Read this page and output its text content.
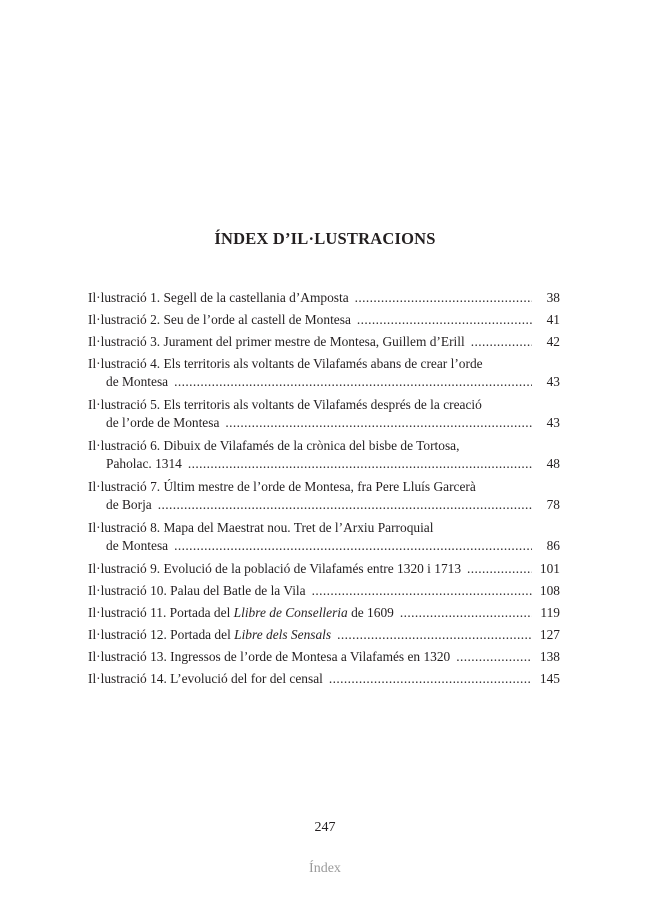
ÍNDEX D’IL·LUSTRACIONS
Il·lustració 1. Segell de la castellania d’Amposta .....	38
Il·lustració 2. Seu de l’orde al castell de Montesa .....	41
Il·lustració 3. Jurament del primer mestre de Montesa, Guillem d’Erill .....	42
Il·lustració 4. Els territoris als voltants de Vilafamés abans de crear l’orde
de Montesa .....	43
Il·lustració 5. Els territoris als voltants de Vilafamés després de la creació
de l’orde de Montesa .....	43
Il·lustració 6. Dibuix de Vilafamés de la crònica del bisbe de Tortosa,
Paholac. 1314 .....	48
Il·lustració 7. Últim mestre de l’orde de Montesa, fra Pere Lluís Garcerà
de Borja .....	78
Il·lustració 8. Mapa del Maestrat nou. Tret de l’Arxiu Parroquial
de Montesa .....	86
Il·lustració 9. Evolució de la població de Vilafamés entre 1320 i 1713 .....	101
Il·lustració 10. Palau del Batle de la Vila .....	108
Il·lustració 11. Portada del Llibre de Conselleria de 1609 .....	119
Il·lustració 12. Portada del Libre dels Sensals .....	127
Il·lustració 13. Ingressos de l’orde de Montesa a Vilafamés en 1320 .....	138
Il·lustració 14. L’evolució del for del censal .....	145
247
Índex
